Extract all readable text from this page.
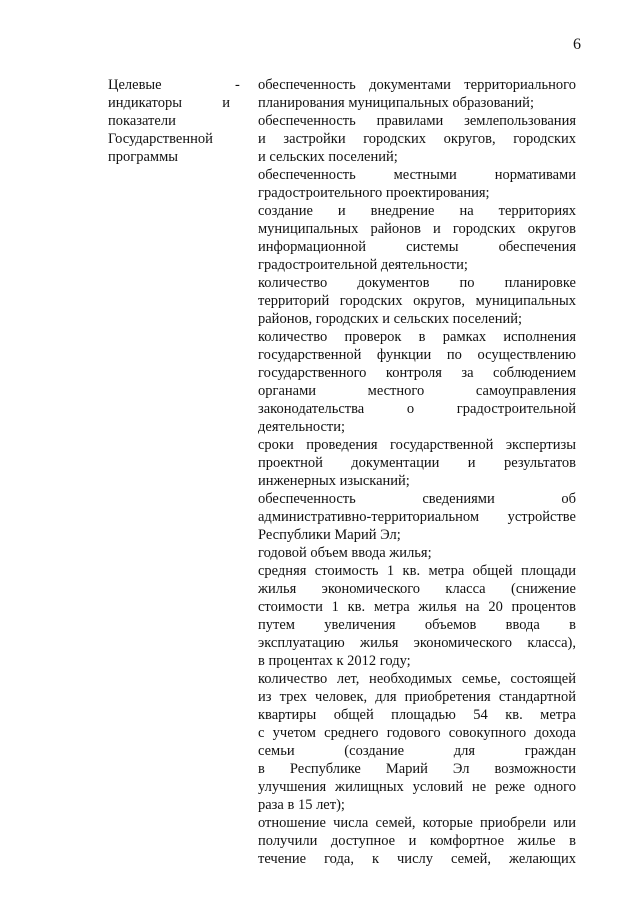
6
Целевые
индикаторы и
показатели
Государственной
программы
- обеспеченность документами территориального
планирования муниципальных образований;
обеспеченность правилами землепользования
и застройки городских округов, городских
и сельских поселений;
обеспеченность местными нормативами
градостроительного проектирования;
создание и внедрение на территориях
муниципальных районов и городских округов
информационной системы обеспечения
градостроительной деятельности;
количество документов по планировке
территорий городских округов, муниципальных
районов, городских и сельских поселений;
количество проверок в рамках исполнения
государственной функции по осуществлению
государственного контроля за соблюдением
органами местного самоуправления
законодательства о градостроительной
деятельности;
сроки проведения государственной экспертизы
проектной документации и результатов
инженерных изысканий;
обеспеченность сведениями об
административно-территориальном устройстве
Республики Марий Эл;
годовой объем ввода жилья;
средняя стоимость 1 кв. метра общей площади
жилья экономического класса (снижение
стоимости 1 кв. метра жилья на 20 процентов
путем увеличения объемов ввода в
эксплуатацию жилья экономического класса),
в процентах к 2012 году;
количество лет, необходимых семье, состоящей
из трех человек, для приобретения стандартной
квартиры общей площадью 54 кв. метра
с учетом среднего годового совокупного дохода
семьи (создание для граждан
в Республике Марий Эл возможности
улучшения жилищных условий не реже одного
раза в 15 лет);
отношение числа семей, которые приобрели или
получили доступное и комфортное жилье в
течение года, к числу семей, желающих
